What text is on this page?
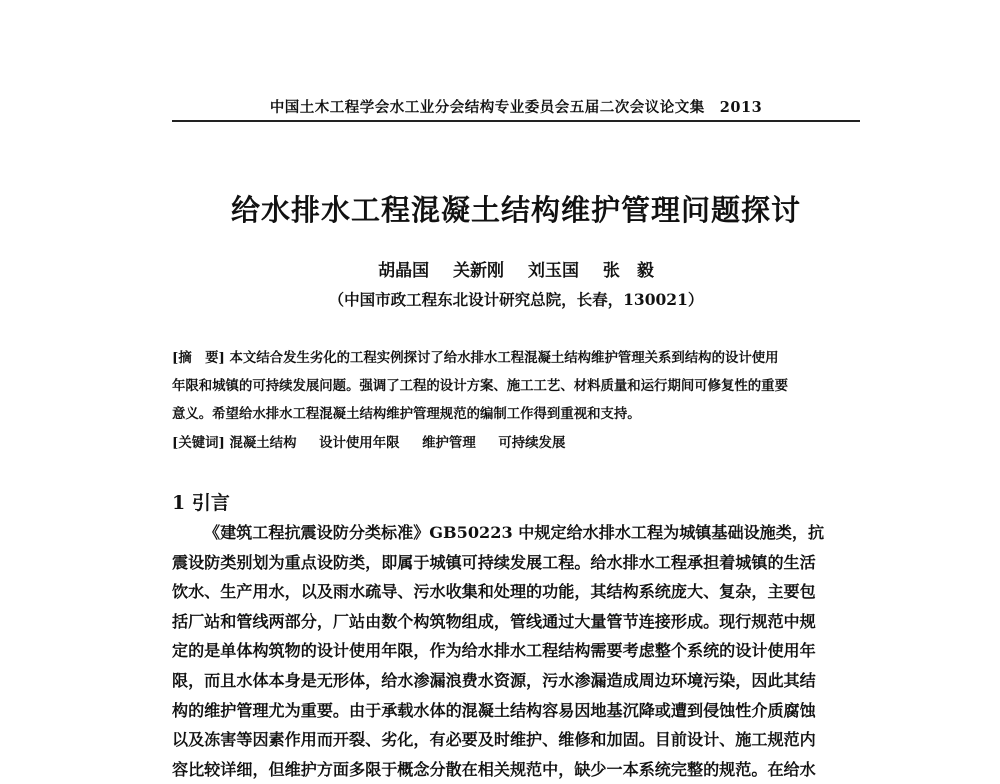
中国土木工程学会水工业分会结构专业委员会五届二次会议论文集　2013
给水排水工程混凝土结构维护管理问题探讨
胡晶国 关新刚 刘玉国 张　毅
（中国市政工程东北设计研究总院，长春，130021）
[摘　要] 本文结合发生劣化的工程实例探讨了给水排水工程混凝土结构维护管理关系到结构的设计使用
年限和城镇的可持续发展问题。强调了工程的设计方案、施工工艺、材料质量和运行期间可修复性的重要
意义。希望给水排水工程混凝土结构维护管理规范的编制工作得到重视和支持。
[关键词] 混凝土结构 设计使用年限 维护管理 可持续发展
1 引言
《建筑工程抗震设防分类标准》GB50223 中规定给水排水工程为城镇基础设施类，抗
震设防类别划为重点设防类，即属于城镇可持续发展工程。给水排水工程承担着城镇的生活
饮水、生产用水，以及雨水疏导、污水收集和处理的功能，其结构系统庞大、复杂，主要包
括厂站和管线两部分，厂站由数个构筑物组成，管线通过大量管节连接形成。现行规范中规
定的是单体构筑物的设计使用年限，作为给水排水工程结构需要考虑整个系统的设计使用年
限，而且水体本身是无形体，给水渗漏浪费水资源，污水渗漏造成周边环境污染，因此其结
构的维护管理尤为重要。由于承载水体的混凝土结构容易因地基沉降或遭到侵蚀性介质腐蚀
以及冻害等因素作用而开裂、劣化，有必要及时维护、维修和加固。目前设计、施工规范内
容比较详细，但维护方面多限于概念分散在相关规范中，缺少一本系统完整的规范。在给水
